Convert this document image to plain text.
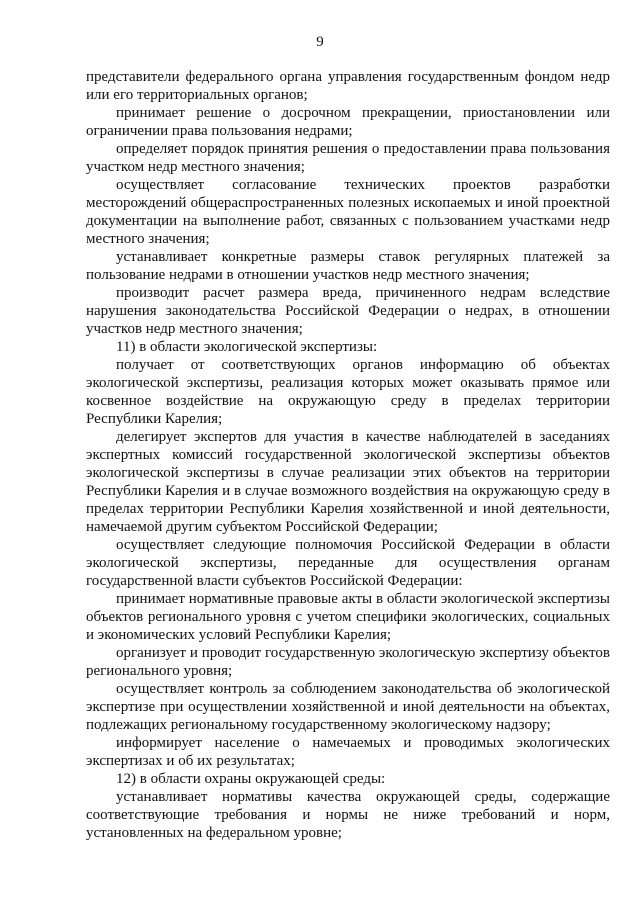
9

представители федерального органа управления государственным фондом недр или его территориальных органов;

принимает решение о досрочном прекращении, приостановлении или ограничении права пользования недрами;

определяет порядок принятия решения о предоставлении права пользования участком недр местного значения;

осуществляет согласование технических проектов разработки месторождений общераспространенных полезных ископаемых и иной проектной документации на выполнение работ, связанных с пользованием участками недр местного значения;

устанавливает конкретные размеры ставок регулярных платежей за пользование недрами в отношении участков недр местного значения;

производит расчет размера вреда, причиненного недрам вследствие нарушения законодательства Российской Федерации о недрах, в отношении участков недр местного значения;

11) в области экологической экспертизы:

получает от соответствующих органов информацию об объектах экологической экспертизы, реализация которых может оказывать прямое или косвенное воздействие на окружающую среду в пределах территории Республики Карелия;

делегирует экспертов для участия в качестве наблюдателей в заседаниях экспертных комиссий государственной экологической экспертизы объектов экологической экспертизы в случае реализации этих объектов на территории Республики Карелия и в случае возможного воздействия на окружающую среду в пределах территории Республики Карелия хозяйственной и иной деятельности, намечаемой другим субъектом Российской Федерации;

осуществляет следующие полномочия Российской Федерации в области экологической экспертизы, переданные для осуществления органам государственной власти субъектов Российской Федерации:

принимает нормативные правовые акты в области экологической экспертизы объектов регионального уровня с учетом специфики экологических, социальных и экономических условий Республики Карелия;

организует и проводит государственную экологическую экспертизу объектов регионального уровня;

осуществляет контроль за соблюдением законодательства об экологической экспертизе при осуществлении хозяйственной и иной деятельности на объектах, подлежащих региональному государственному экологическому надзору;

информирует население о намечаемых и проводимых экологических экспертизах и об их результатах;

12) в области охраны окружающей среды:

устанавливает нормативы качества окружающей среды, содержащие соответствующие требования и нормы не ниже требований и норм, установленных на федеральном уровне;
